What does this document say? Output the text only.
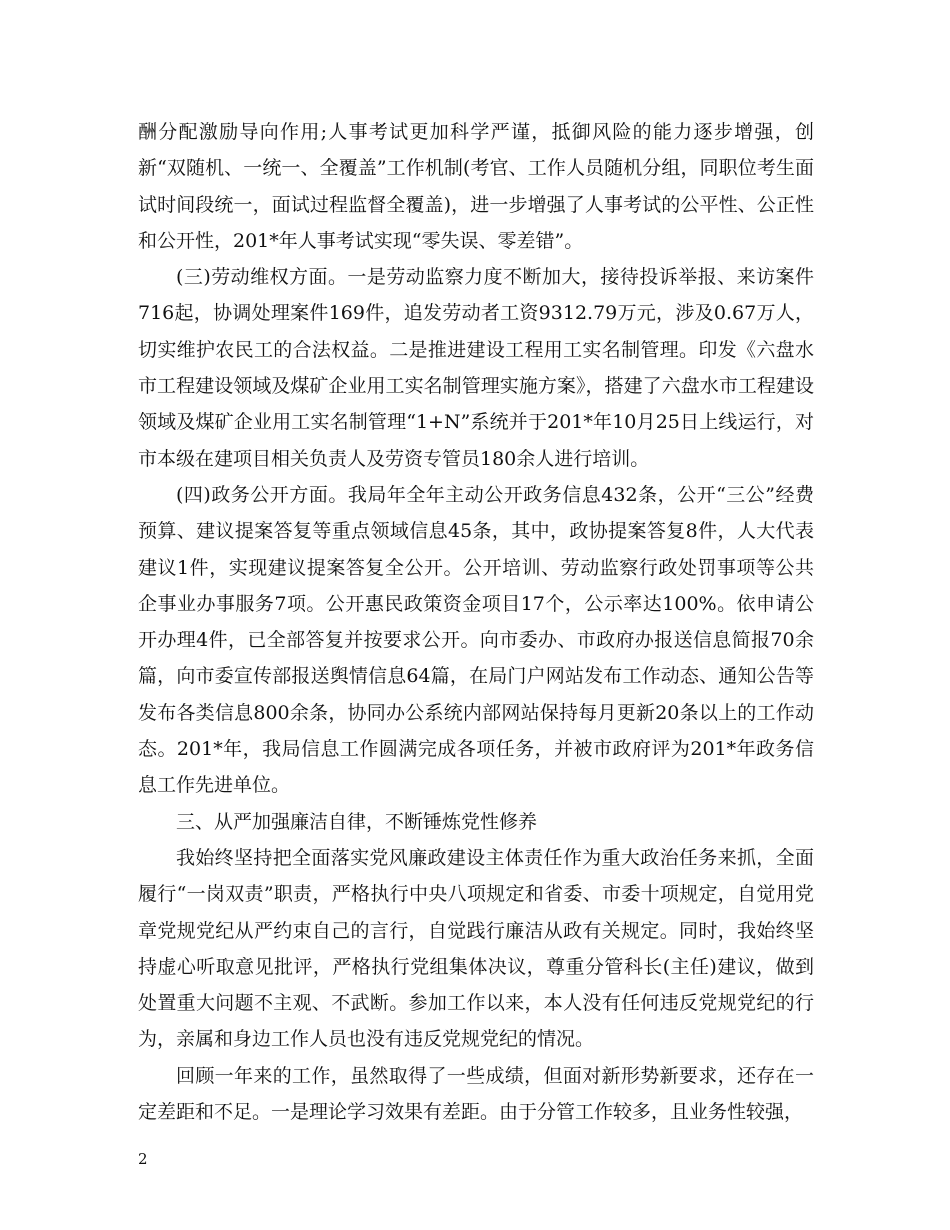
酬分配激励导向作用;人事考试更加科学严谨，抵御风险的能力逐步增强，创新“双随机、一统一、全覆盖”工作机制(考官、工作人员随机分组，同职位考生面试时间段统一，面试过程监督全覆盖)，进一步增强了人事考试的公平性、公正性和公开性，201*年人事考试实现“零失误、零差错”。

(三)劳动维权方面。一是劳动监察力度不断加大，接待投诉举报、来访案件716起，协调处理案件169件，追发劳动者工资9312.79万元，涉及0.67万人，切实维护农民工的合法权益。二是推进建设工程用工实名制管理。印发《六盘水市工程建设领域及煤矿企业用工实名制管理实施方案》，搭建了六盘水市工程建设领域及煤矿企业用工实名制管理“1+N”系统并于201*年10月25日上线运行，对市本级在建项目相关负责人及劳资专管员180余人进行培训。

(四)政务公开方面。我局年全年主动公开政务信息432条，公开“三公”经费预算、建议提案答复等重点领域信息45条，其中，政协提案答复8件，人大代表建议1件，实现建议提案答复全公开。公开培训、劳动监察行政处罚事项等公共企事业办事服务7项。公开惠民政策资金项目17个，公示率达100%。依申请公开办理4件，已全部答复并按要求公开。向市委办、市政府办报送信息简报70余篇，向市委宣传部报送舆情信息64篇，在局门户网站发布工作动态、通知公告等发布各类信息800余条，协同办公系统内部网站保持每月更新20条以上的工作动态。201*年，我局信息工作圆满完成各项任务，并被市政府评为201*年政务信息工作先进单位。

三、从严加强廉洁自律，不断锤炼党性修养

我始终坚持把全面落实党风廉政建设主体责任作为重大政治任务来抓，全面履行“一岗双责”职责，严格执行中央八项规定和省委、市委十项规定，自觉用党章党规党纪从严约束自己的言行，自觉践行廉洁从政有关规定。同时，我始终坚持虚心听取意见批评，严格执行党组集体决议，尊重分管科长(主任)建议，做到处置重大问题不主观、不武断。参加工作以来，本人没有任何违反党规党纪的行为，亲属和身边工作人员也没有违反党规党纪的情况。

回顾一年来的工作，虽然取得了一些成绩，但面对新形势新要求，还存在一定差距和不足。一是理论学习效果有差距。由于分管工作较多，且业务性较强，

2
